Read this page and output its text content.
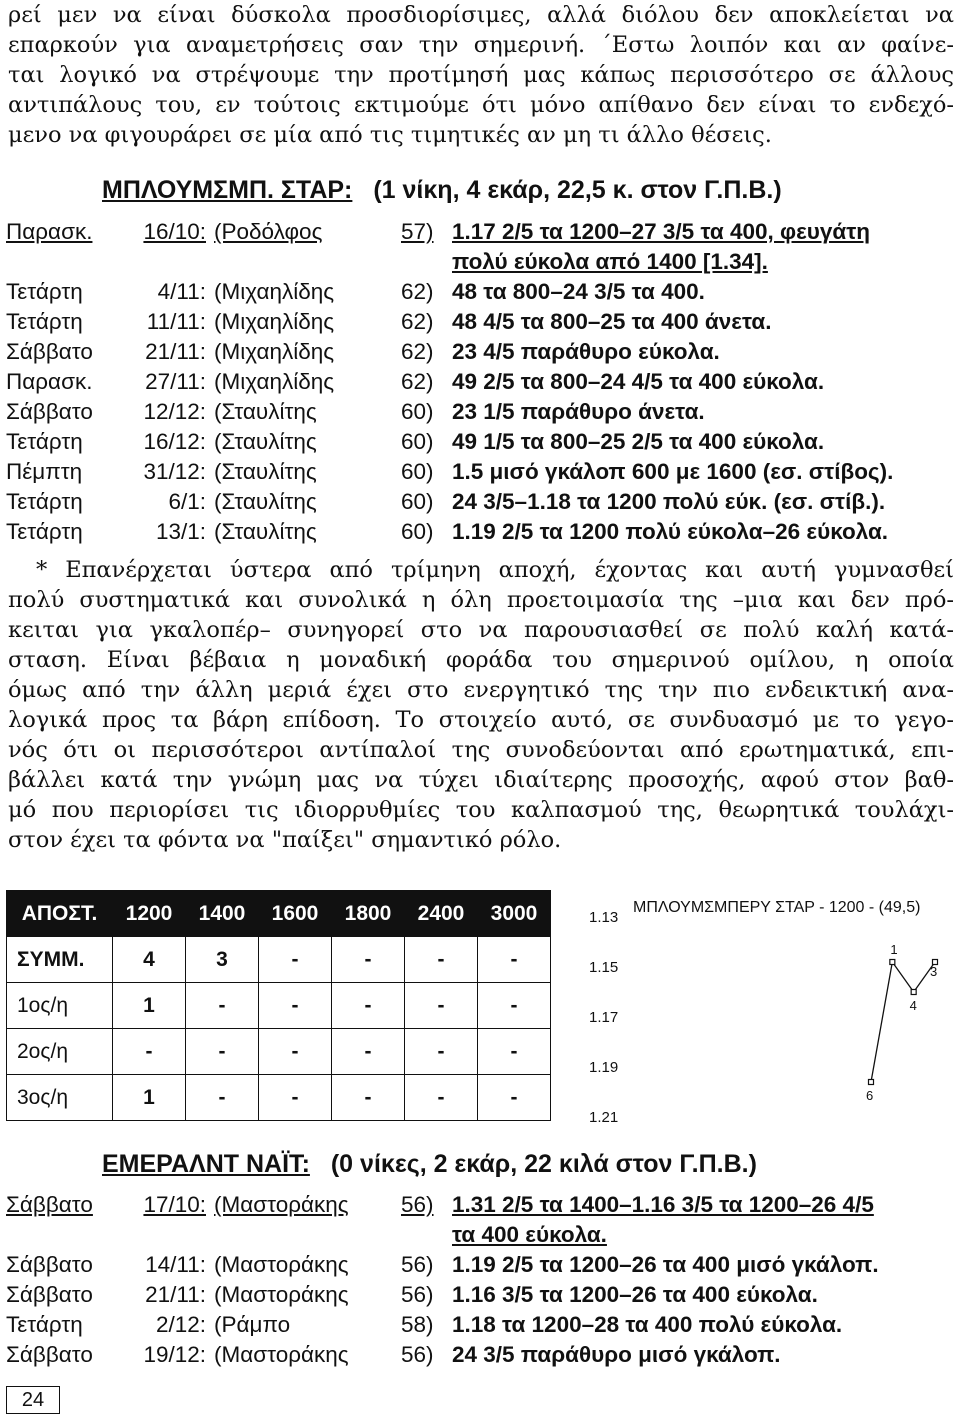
ρεί μεν να είναι δύσκολα προσδιορίσιμες, αλλά διόλου δεν αποκλείεται να
επαρκούν για αναμετρήσεις σαν την σημερινή. ΄Εστω λοιπόν και αν φαίνε-
ται λογικό να στρέψουμε την προτίμησή μας κάπως περισσότερο σε άλλους
αντιπάλους του, εν τούτοις εκτιμούμε ότι μόνο απίθανο δεν είναι το ενδεχό-
μενο να φιγουράρει σε μία από τις τιμητικές αν μη τι άλλο θέσεις.
ΜΠΛΟΥΜΣΜΠ. ΣΤΑΡ: (1 νίκη, 4 εκάρ, 22,5 κ. στον Γ.Π.Β.)
Παρασκ.	16/10: (Ροδόλφος	57) 1.17 2/5 τα 1200–27 3/5 τα 400, φευγάτη
πολύ εύκολα από 1400 [1.34].
Τετάρτη	4/11: (Μιχαηλίδης	62) 48 τα 800–24 3/5 τα 400.
Τετάρτη	11/11: (Μιχαηλίδης	62) 48 4/5 τα 800–25 τα 400 άνετα.
Σάββατο	21/11: (Μιχαηλίδης	62) 23 4/5 παράθυρο εύκολα.
Παρασκ.	27/11: (Μιχαηλίδης	62) 49 2/5 τα 800–24 4/5 τα 400 εύκολα.
Σάββατο	12/12: (Σταυλίτης	60) 23 1/5 παράθυρο άνετα.
Τετάρτη	16/12: (Σταυλίτης	60) 49 1/5 τα 800–25 2/5 τα 400 εύκολα.
Πέμπτη	31/12: (Σταυλίτης	60) 1.5 μισό γκάλοπ 600 με 1600 (εσ. στίβος).
Τετάρτη	6/1: (Σταυλίτης	60) 24 3/5–1.18 τα 1200 πολύ εύκ. (εσ. στίβ.).
Τετάρτη	13/1: (Σταυλίτης	60) 1.19 2/5 τα 1200 πολύ εύκολα–26 εύκολα.
* Επανέρχεται ύστερα από τρίμηνη αποχή, έχοντας και αυτή γυμνασθεί
πολύ συστηματικά και συνολικά η όλη προετοιμασία της –μια και δεν πρό-
κειται για γκαλοπέρ– συνηγορεί στο να παρουσιασθεί σε πολύ καλή κατά-
σταση. Είναι βέβαια η μοναδική φοράδα του σημερινού ομίλου, η οποία
όμως από την άλλη μεριά έχει στο ενεργητικό της την πιο ενδεικτική ανα-
λογικά προς τα βάρη επίδοση. Το στοιχείο αυτό, σε συνδυασμό με το γεγο-
νός ότι οι περισσότεροι αντίπαλοί της συνοδεύονται από ερωτηματικά, επι-
βάλλει κατά την γνώμη μας να τύχει ιδιαίτερης προσοχής, αφού στον βαθ-
μό που περιορίσει τις ιδιορρυθμίες του καλπασμού της, θεωρητικά τουλάχι-
στον έχει τα φόντα να "παίξει" σημαντικό ρόλο.
ΑΠΟΣΤ.	1200	1400	1600	1800	2400	3000
ΣΥΜΜ.	4	3	-	-	-	-
1ος/η	1	-	-	-	-	-
2ος/η	-	-	-	-	-	-
3ος/η	1	-	-	-	-	-
ΜΠΛΟΥΜΣΜΠΕΡΥ ΣΤΑΡ - 1200 - (49,5)
1.13
1.15
1.17
1.19
1.21
6
1
4
3
ΕΜΕΡΑΛΝΤ ΝΑΪΤ: (0 νίκες, 2 εκάρ, 22 κιλά στον Γ.Π.Β.)
Σάββατο	17/10: (Μαστοράκης 56) 1.31 2/5 τα 1400–1.16 3/5 τα 1200–26 4/5
τα 400 εύκολα.
Σάββατο	14/11: (Μαστοράκης 56) 1.19 2/5 τα 1200–26 τα 400 μισό γκάλοπ.
Σάββατο	21/11: (Μαστοράκης 56) 1.16 3/5 τα 1200–26 τα 400 εύκολα.
Τετάρτη	2/12: (Ράμπο	58) 1.18 τα 1200–28 τα 400 πολύ εύκολα.
Σάββατο	19/12: (Μαστοράκης 56) 24 3/5 παράθυρο μισό γκάλοπ.
24
